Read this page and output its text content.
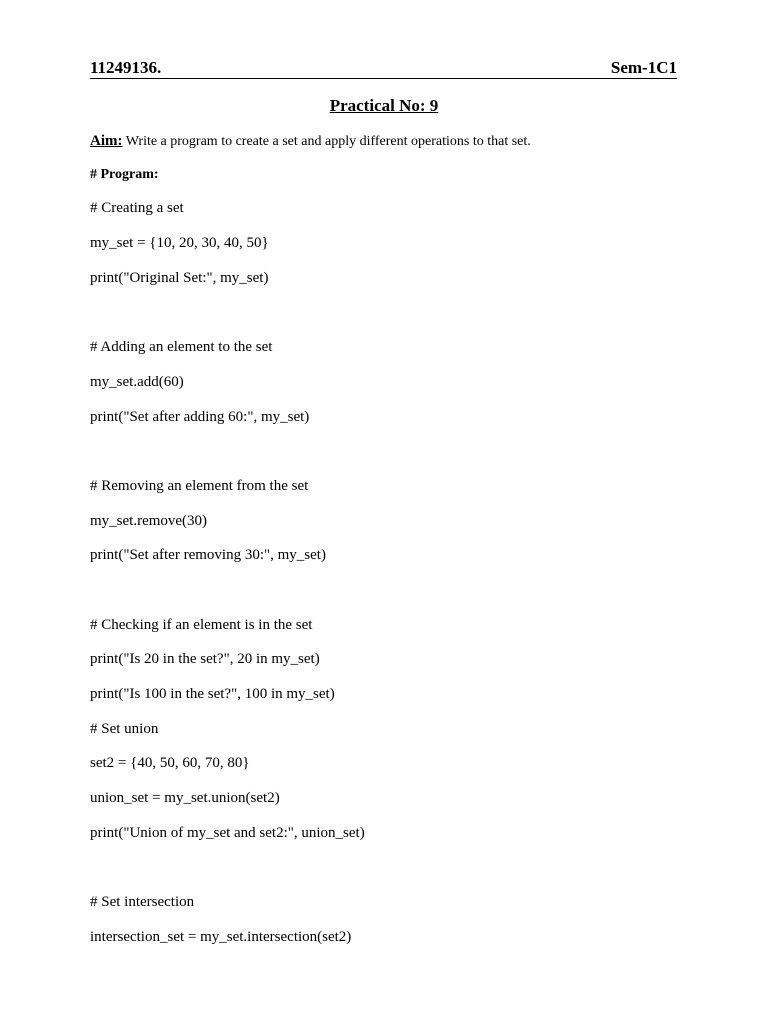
11249136.	Sem-1C1
Practical No: 9
Aim: Write a program to create a set and apply different operations to that set.
# Program:
# Creating a set
my_set = {10, 20, 30, 40, 50}
print("Original Set:", my_set)
# Adding an element to the set
my_set.add(60)
print("Set after adding 60:", my_set)
# Removing an element from the set
my_set.remove(30)
print("Set after removing 30:", my_set)
# Checking if an element is in the set
print("Is 20 in the set?", 20 in my_set)
print("Is 100 in the set?", 100 in my_set)
# Set union
set2 = {40, 50, 60, 70, 80}
union_set = my_set.union(set2)
print("Union of my_set and set2:", union_set)
# Set intersection
intersection_set = my_set.intersection(set2)
